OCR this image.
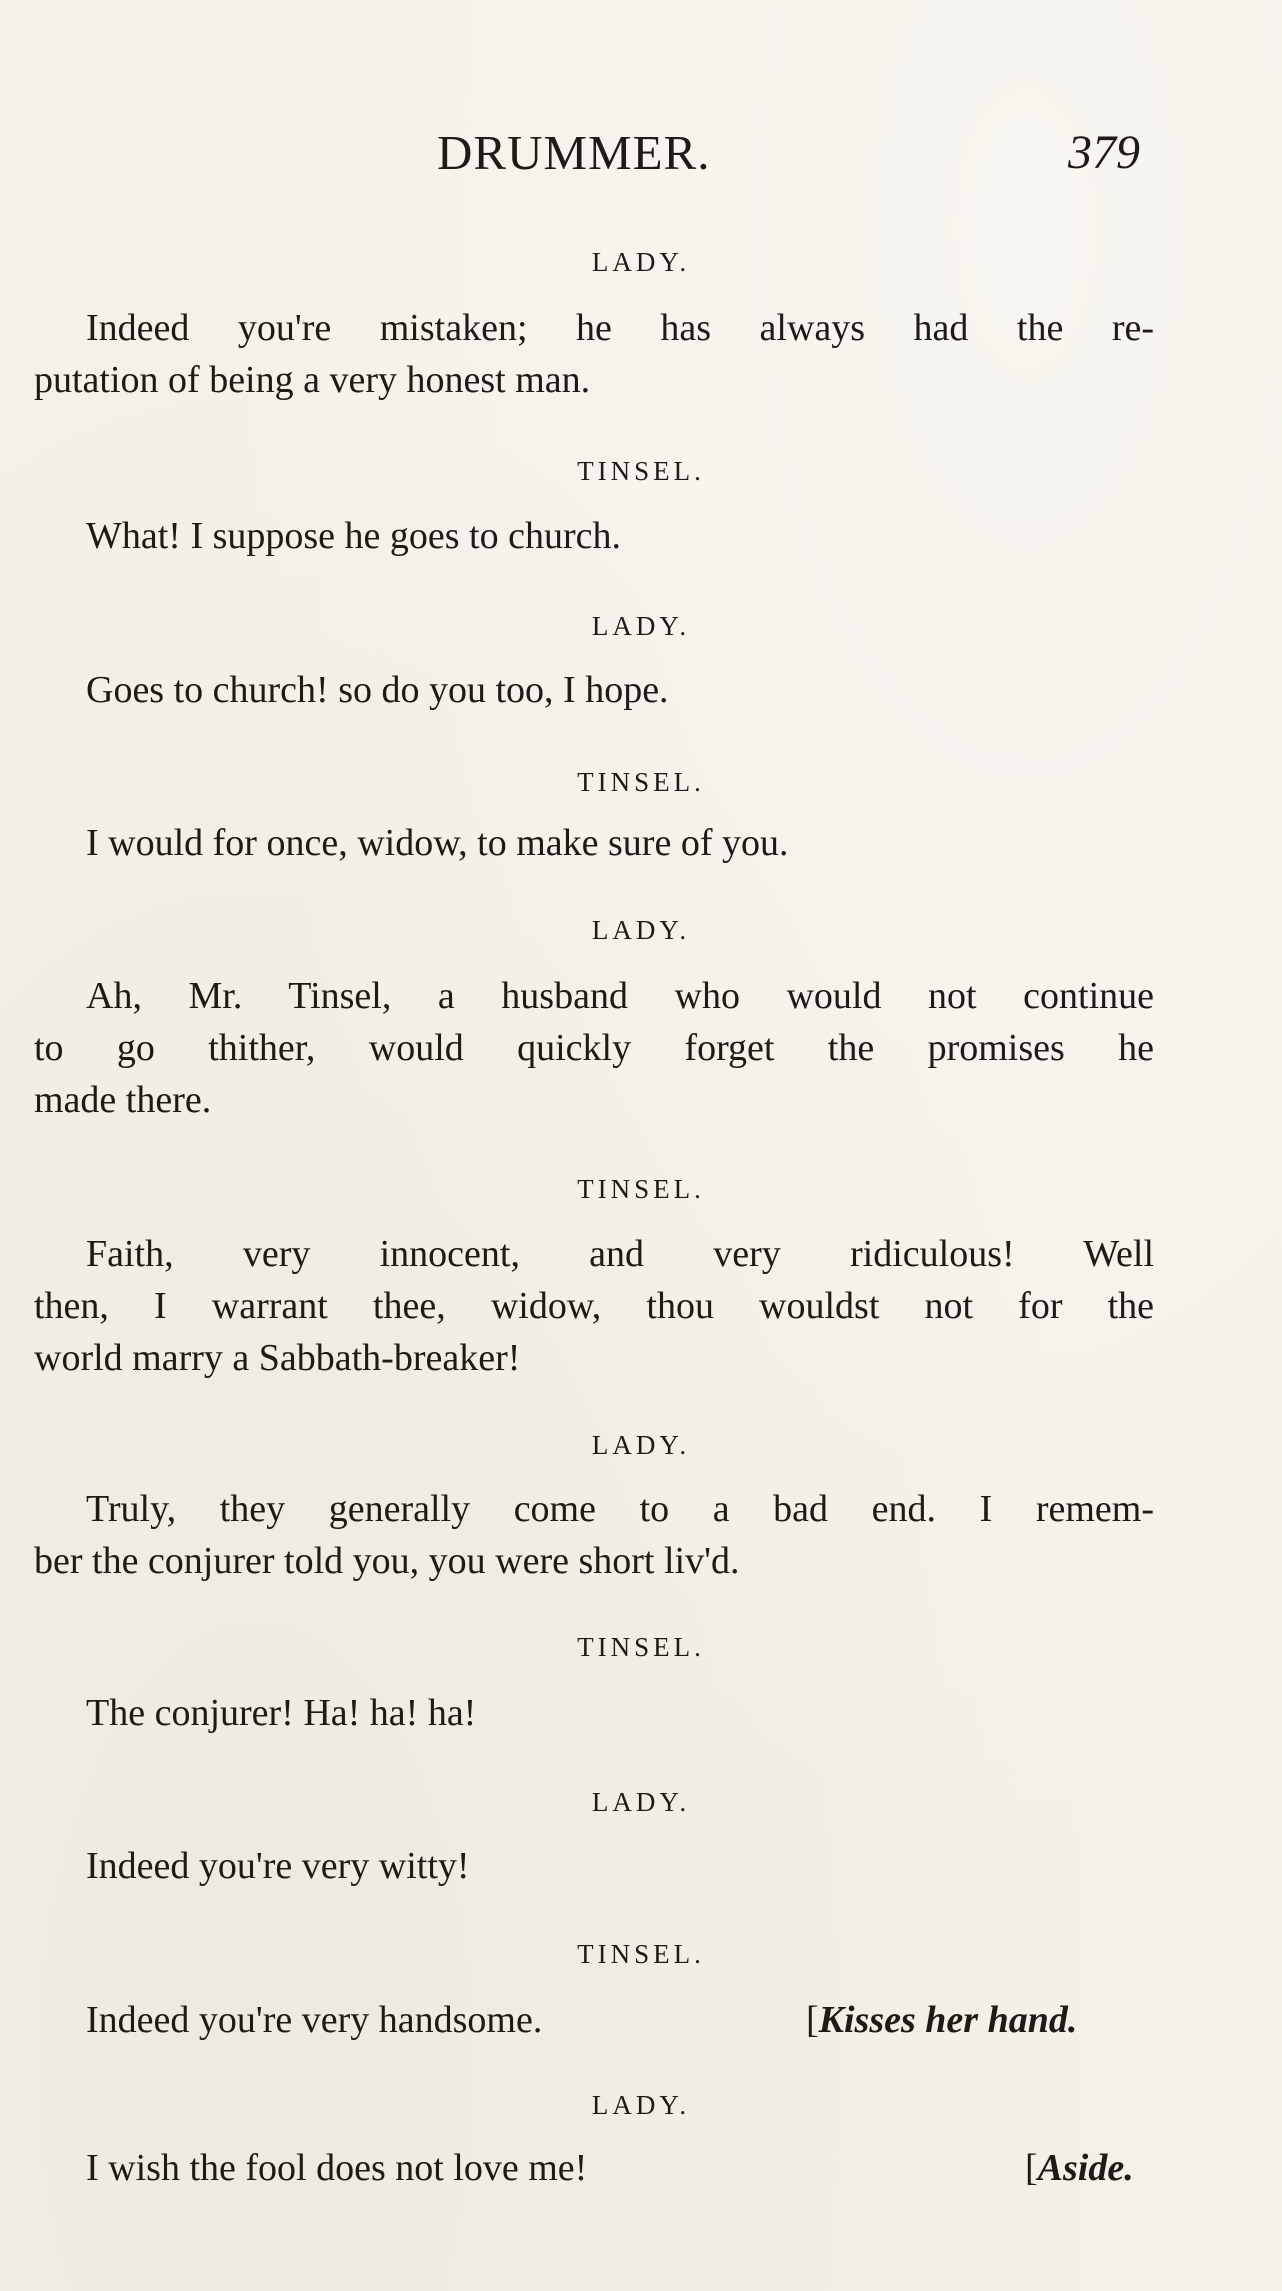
DRUMMER.	379
LADY.
Indeed you're mistaken; he has always had the re-
putation of being a very honest man.
TINSEL.
What! I suppose he goes to church.
LADY.
Goes to church! so do you too, I hope.
TINSEL.
I would for once, widow, to make sure of you.
LADY.
Ah, Mr. Tinsel, a husband who would not continue
to go thither, would quickly forget the promises he
made there.
TINSEL.
Faith, very innocent, and very ridiculous! Well
then, I warrant thee, widow, thou wouldst not for the
world marry a Sabbath-breaker!
LADY.
Truly, they generally come to a bad end. I remem-
ber the conjurer told you, you were short liv'd.
TINSEL.
The conjurer! Ha! ha! ha!
LADY.
Indeed you're very witty!
TINSEL.
Indeed you're very handsome.	[Kisses her hand.
LADY.
I wish the fool does not love me!	[Aside.
